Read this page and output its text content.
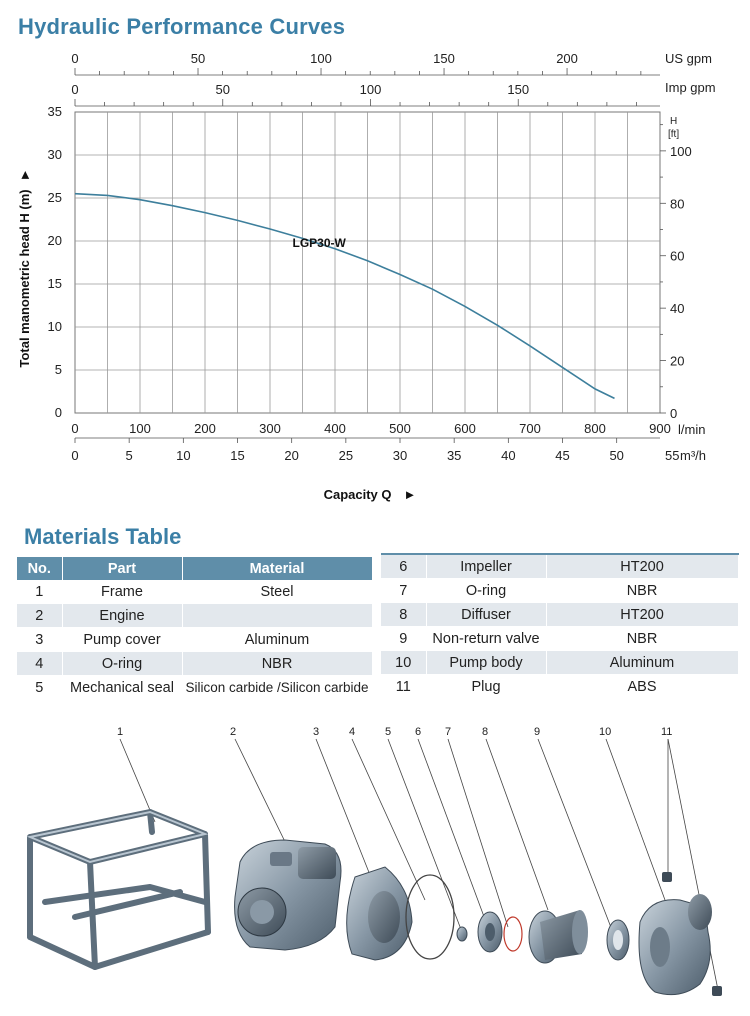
Hydraulic Performance Curves
0
5
10
15
20
25
30
35
0	100	200	300	400	500	600	700	800	900 l/min
0	50	100	150	200	US gpm
0	50	100	150	Imp gpm
0	5	10	15	20	25	30	35	40	45	50	55 m³/h
0
20
40
60
80
100
H
[ft]
LGP30-W
Capacity Q ►
Total manometric head H (m)►
Materials Table
No.	Part	Material
1	Frame	Steel
2	Engine	
3	Pump cover	Aluminum
4	O-ring	NBR
5	Mechanical seal	Silicon carbide /Silicon carbide
6	Impeller	HT200
7	O-ring	NBR
8	Diffuser	HT200
9	Non-return valve	NBR
10	Pump body	Aluminum
11	Plug	ABS
1	2	3	4	5 6 7	8	9	10	11
